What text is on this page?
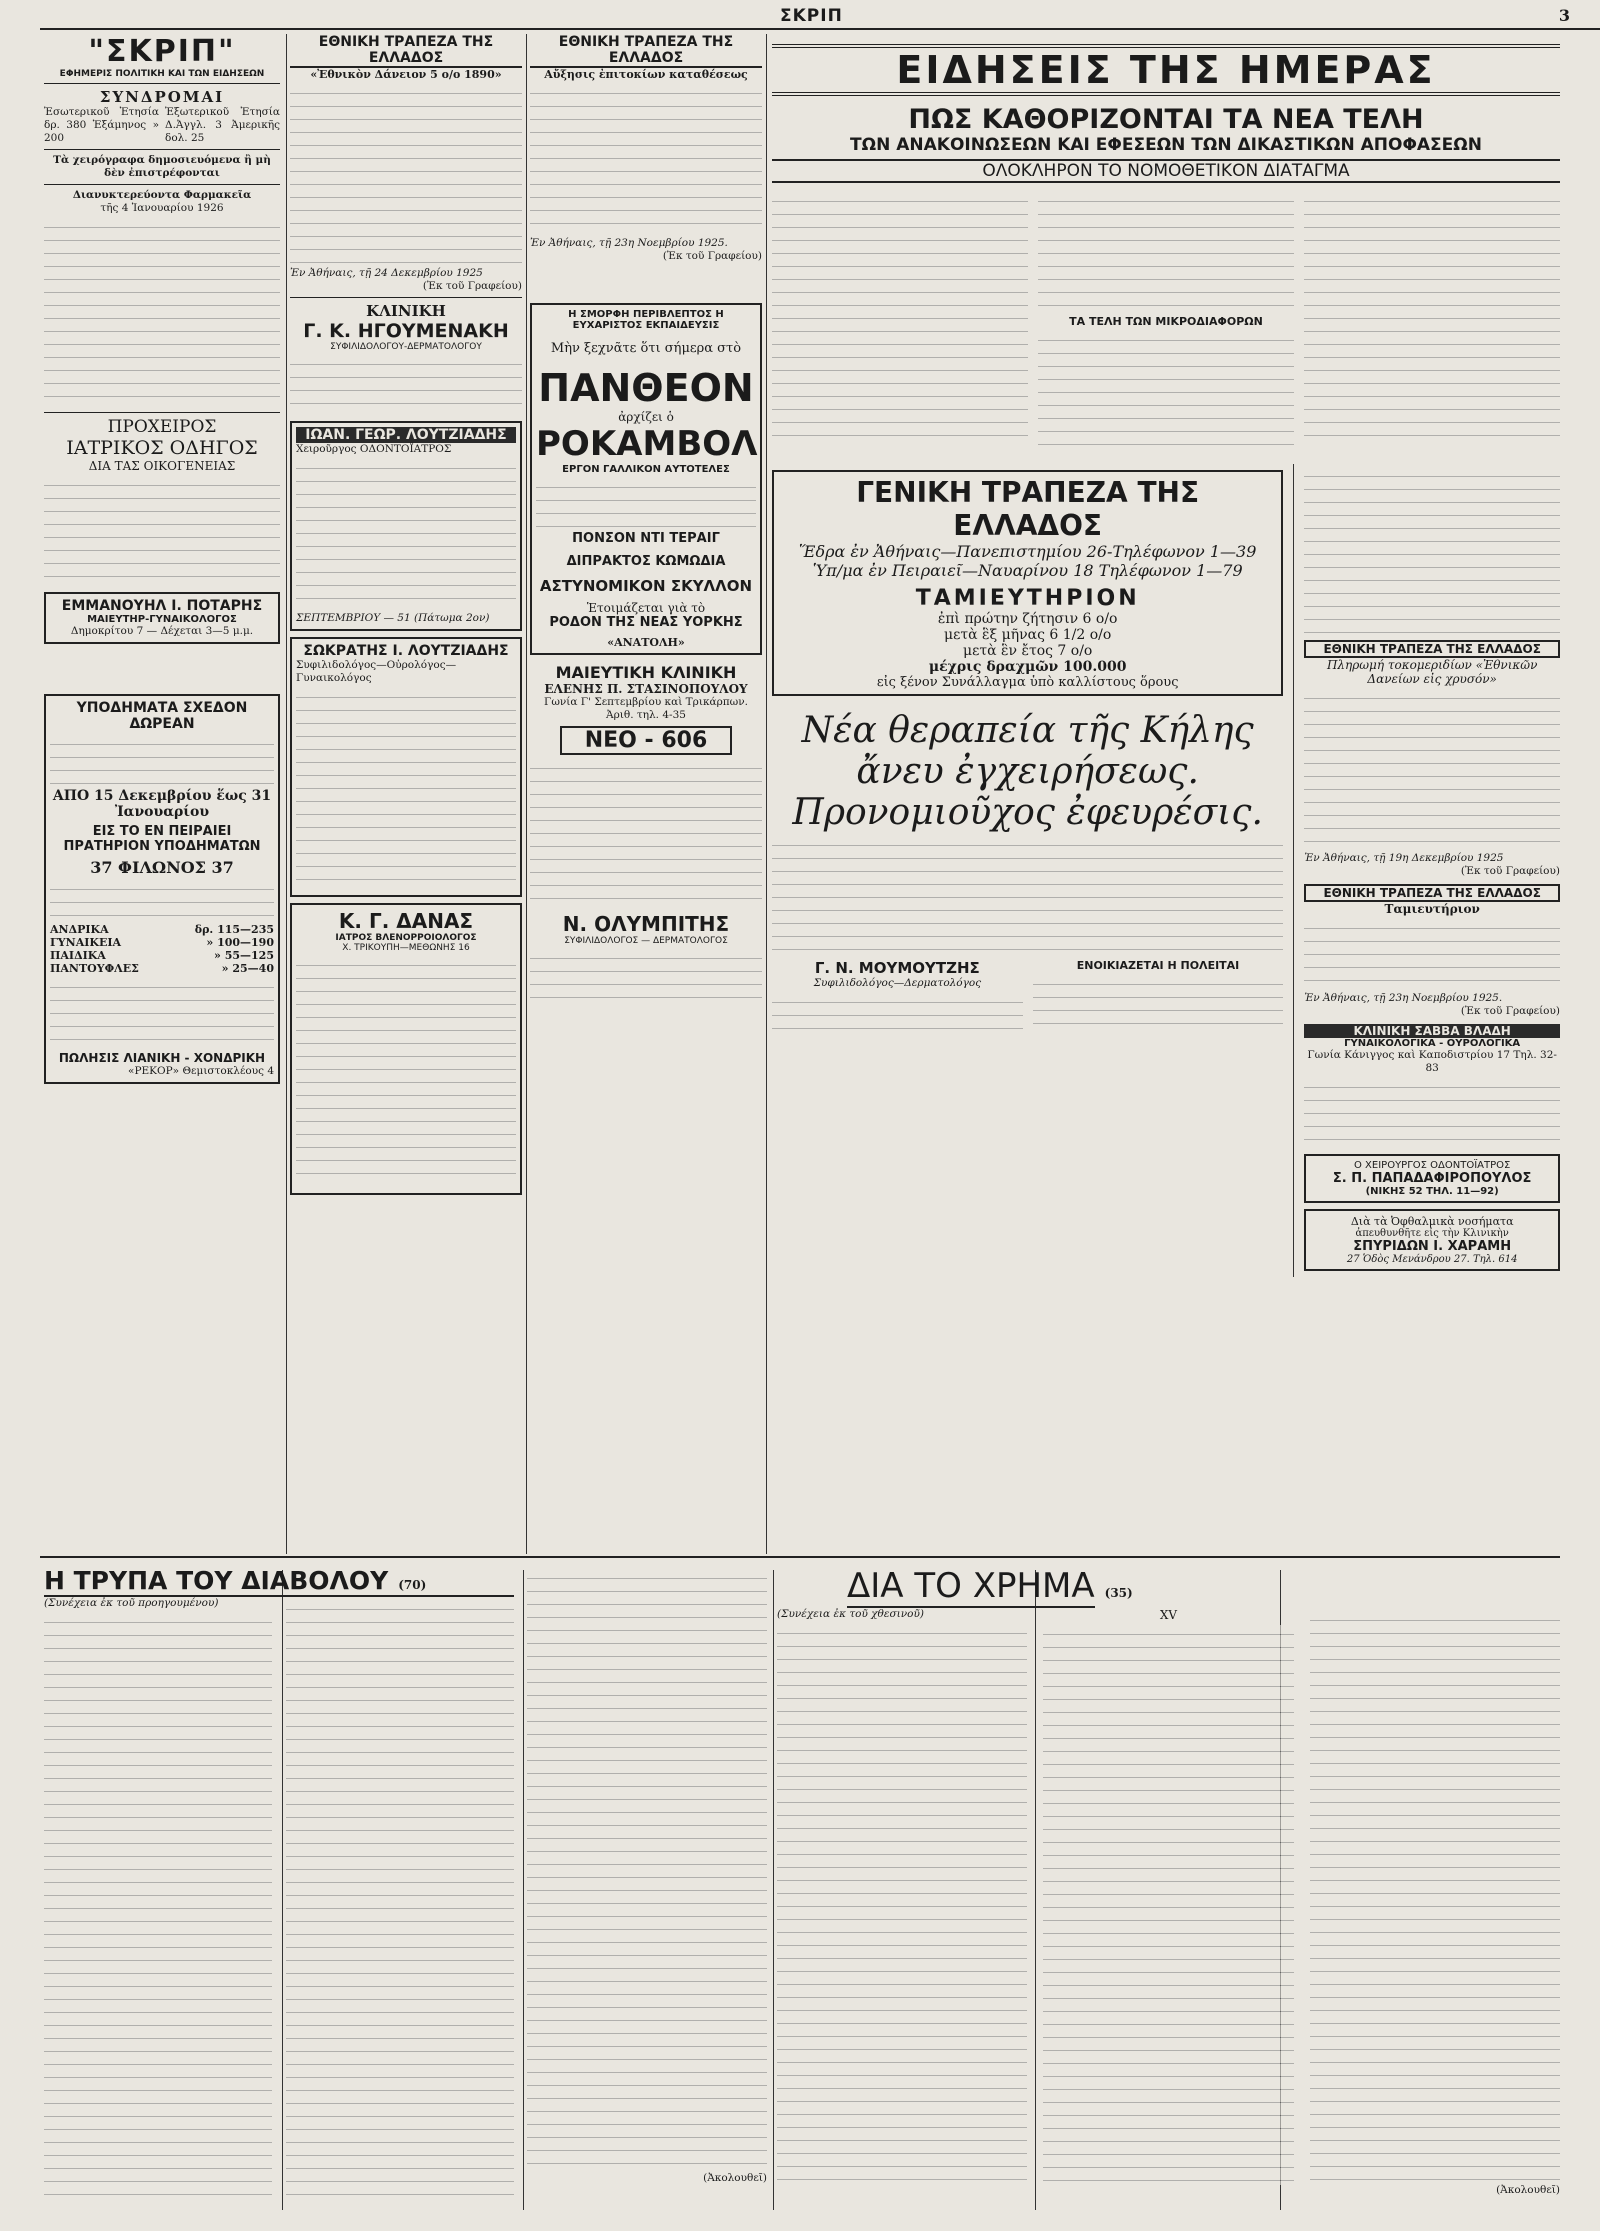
ΣΚΡΙΠ	3
"ΣΚΡΙΠ"
ΕΦΗΜΕΡΙΣ ΠΟΛΙΤΙΚΗ ΚΑΙ ΤΩΝ ΕΙΔΗΣΕΩΝ
ΣΥΝΔΡΟΜΑΙ

Ἐσωτερικοῦ Ἐτησία δρ. 380 Ἑξάμηνος » 200

Ἐξωτερικοῦ Ἐτησία Δ.Ἀγγλ. 3 Ἀμερικῆς δολ. 25

Τὰ χειρόγραφα δημοσιευόμενα ἢ μὴ δὲν ἐπιστρέφονται

Διανυκτερεύοντα Φαρμακεῖα

τῆς 4 Ἰανουαρίου 1926

ΠΡΟΧΕΙΡΟΣ
ΙΑΤΡΙΚΟΣ ΟΔΗΓΟΣ
ΔΙΑ ΤΑΣ ΟΙΚΟΓΕΝΕΙΑΣ
ΕΜΜΑΝΟΥΗΛ Ι. ΠΟΤΑΡΗΣ
ΜΑΙΕΥΤΗΡ-ΓΥΝΑΙΚΟΛΟΓΟΣ

Δημοκρίτου 7 — Δέχεται 3—5 μ.μ.

ΥΠΟΔΗΜΑΤΑ ΣΧΕΔΟΝ ΔΩΡΕΑΝ
ΑΠΟ 15 Δεκεμβρίου ἕως 31 Ἰανουαρίου
ΕΙΣ ΤΟ ΕΝ ΠΕΙΡΑΙΕΙ ΠΡΑΤΗΡΙΟΝ ΥΠΟΔΗΜΑΤΩΝ
37 ΦΙΛΩΝΟΣ 37
ΑΝΔΡΙΚΑ	δρ. 115—235
ΓΥΝΑΙΚΕΙΑ	» 100—190
ΠΑΙΔΙΚΑ	» 55—125
ΠΑΝΤΟΥΦΛΕΣ	» 25—40
ΠΩΛΗΣΙΣ ΛΙΑΝΙΚΗ - ΧΟΝΔΡΙΚΗ

«ΡΕΚΟΡ» Θεμιστοκλέους 4

ΕΘΝΙΚΗ ΤΡΑΠΕΖΑ ΤΗΣ ΕΛΛΑΔΟΣ
«Ἐθνικὸν Δάνειον 5 ο/ο 1890»

Ἐν Ἀθήναις, τῇ 24 Δεκεμβρίου 1925

(Ἐκ τοῦ Γραφείου)

ΚΛΙΝΙΚΗ
Γ. Κ. ΗΓΟΥΜΕΝΑΚΗ
ΣΥΦΙΛΙΔΟΛΟΓΟΥ-ΔΕΡΜΑΤΟΛΟΓΟΥ
ΙΩΑΝ. ΓΕΩΡ. ΛΟΥΤΖΙΑΔΗΣ

Χειροῦργος ΟΔΟΝΤΟΪΑΤΡΟΣ

ΣΕΠΤΕΜΒΡΙΟΥ — 51 (Πάτωμα 2ον)

ΣΩΚΡΑΤΗΣ Ι. ΛΟΥΤΖΙΑΔΗΣ

Συφιλιδολόγος—Οὐρολόγος—Γυναικολόγος

Κ. Γ. ΔΑΝΑΣ
ΙΑΤΡΟΣ ΒΛΕΝΟΡΡΟΙΟΛΟΓΟΣ
Χ. ΤΡΙΚΟΥΠΗ—ΜΕΘΩΝΗΣ 16
ΕΘΝΙΚΗ ΤΡΑΠΕΖΑ ΤΗΣ ΕΛΛΑΔΟΣ
Αὔξησις ἐπιτοκίων καταθέσεως

Ἐν Ἀθήναις, τῇ 23η Νοεμβρίου 1925.

(Ἐκ τοῦ Γραφείου)

Η ΣΜΟΡΦΗ ΠΕΡΙΒΛΕΠΤΟΣ Η ΕΥΧΑΡΙΣΤΟΣ ΕΚΠΑΙΔΕΥΣΙΣ
Μὴν ξεχνᾶτε ὅτι σήμερα στὸ
ΠΑΝΘΕΟΝ
ἀρχίζει ὁ
ΡΟΚΑΜΒΟΛ
ΕΡΓΟΝ ΓΑΛΛΙΚΟΝ ΑΥΤΟΤΕΛΕΣ
ΠΟΝΣΟΝ ΝΤΙ ΤΕΡΑΙΓ
ΔΙΠΡΑΚΤΟΣ ΚΩΜΩΔΙΑ
ΑΣΤΥΝΟΜΙΚΟΝ ΣΚΥΛΛΟΝ
Ἑτοιμάζεται γιὰ τὸ
ΡΟΔΟΝ ΤΗΣ ΝΕΑΣ ΥΟΡΚΗΣ
«ΑΝΑΤΟΛΗ»
ΜΑΙΕΥΤΙΚΗ ΚΛΙΝΙΚΗ
ΕΛΕΝΗΣ Π. ΣΤΑΣΙΝΟΠΟΥΛΟΥ

Γωνία Γ' Σεπτεμβρίου καὶ Τρικάρπων. Ἀριθ. τηλ. 4-35

ΝΕΟ - 606
Ν. ΟΛΥΜΠΙΤΗΣ
ΣΥΦΙΛΙΔΟΛΟΓΟΣ — ΔΕΡΜΑΤΟΛΟΓΟΣ
ΕΙΔΗΣΕΙΣ ΤΗΣ ΗΜΕΡΑΣ
ΠΩΣ ΚΑΘΟΡΙΖΟΝΤΑΙ ΤΑ ΝΕΑ ΤΕΛΗ
ΤΩΝ ΑΝΑΚΟΙΝΩΣΕΩΝ ΚΑΙ ΕΦΕΣΕΩΝ ΤΩΝ ΔΙΚΑΣΤΙΚΩΝ ΑΠΟΦΑΣΕΩΝ
ΟΛΟΚΛΗΡΟΝ ΤΟ ΝΟΜΟΘΕΤΙΚΟΝ ΔΙΑΤΑΓΜΑ
ΤΑ ΤΕΛΗ ΤΩΝ ΜΙΚΡΟΔΙΑΦΟΡΩΝ
ΓΕΝΙΚΗ ΤΡΑΠΕΖΑ ΤΗΣ ΕΛΛΑΔΟΣ
Ἕδρα ἐν Ἀθήναις—Πανεπιστημίου 26-Τηλέφωνον 1—39
Ὑπ/μα ἐν Πειραιεῖ—Ναυαρίνου 18 Τηλέφωνον 1—79
ΤΑΜΙΕΥΤΗΡΙΟΝ
ἐπὶ πρώτην ζήτησιν 6 ο/ο
μετὰ ἓξ μῆνας 6 1/2 ο/ο
μετὰ ἓν ἔτος 7 ο/ο
μέχρις δραχμῶν 100.000
εἰς ξένον Συνάλλαγμα ὑπὸ καλλίστους ὅρους
Νέα θεραπεία τῆς Κήλης
ἄνευ ἐγχειρήσεως.
Προνομιοῦχος ἐφευρέσις.
Γ. Ν. ΜΟΥΜΟΥΤΖΗΣ

Συφιλιδολόγος—Δερματολόγος

ΕΝΟΙΚΙΑΖΕΤΑΙ Η ΠΟΛΕΙΤΑΙ
ΕΘΝΙΚΗ ΤΡΑΠΕΖΑ ΤΗΣ ΕΛΛΑΔΟΣ
Πληρωμή τοκομεριδίων «Ἐθνικῶν Δανείων εἰς χρυσόν»

Ἐν Ἀθήναις, τῇ 19η Δεκεμβρίου 1925

(Ἐκ τοῦ Γραφείου)

ΕΘΝΙΚΗ ΤΡΑΠΕΖΑ ΤΗΣ ΕΛΛΑΔΟΣ
Ταμιευτήριον

Ἐν Ἀθήναις, τῇ 23η Νοεμβρίου 1925.

(Ἐκ τοῦ Γραφείου)

ΚΛΙΝΙΚΗ ΣΑΒΒΑ ΒΛΑΔΗ
ΓΥΝΑΙΚΟΛΟΓΙΚΑ - ΟΥΡΟΛΟΓΙΚΑ

Γωνία Κάνιγγος καὶ Καποδιστρίου 17 Τηλ. 32-83

Ο ΧΕΙΡΟΥΡΓΟΣ ΟΔΟΝΤΟΪΑΤΡΟΣ
Σ. Π. ΠΑΠΑΔΑΦΙΡΟΠΟΥΛΟΣ
(ΝΙΚΗΣ 52 ΤΗΛ. 11—92)
Διὰ τὰ Ὀφθαλμικὰ νοσήματα
ἀπευθυνθῆτε εἰς τὴν Κλινικὴν
ΣΠΥΡΙΔΩΝ Ι. ΧΑΡΑΜΗ
27 Ὁδὸς Μενάνδρου 27. Τηλ. 614
Η ΤΡΥΠΑ ΤΟΥ ΔΙΑΒΟΛΟΥ (70)

(Συνέχεια ἐκ τοῦ προηγουμένου)

(Ἀκολουθεῖ)

ΔΙΑ ΤΟ ΧΡΗΜΑ (35)

(Συνέχεια ἐκ τοῦ χθεσινοῦ)	XV

(Ἀκολουθεῖ)
